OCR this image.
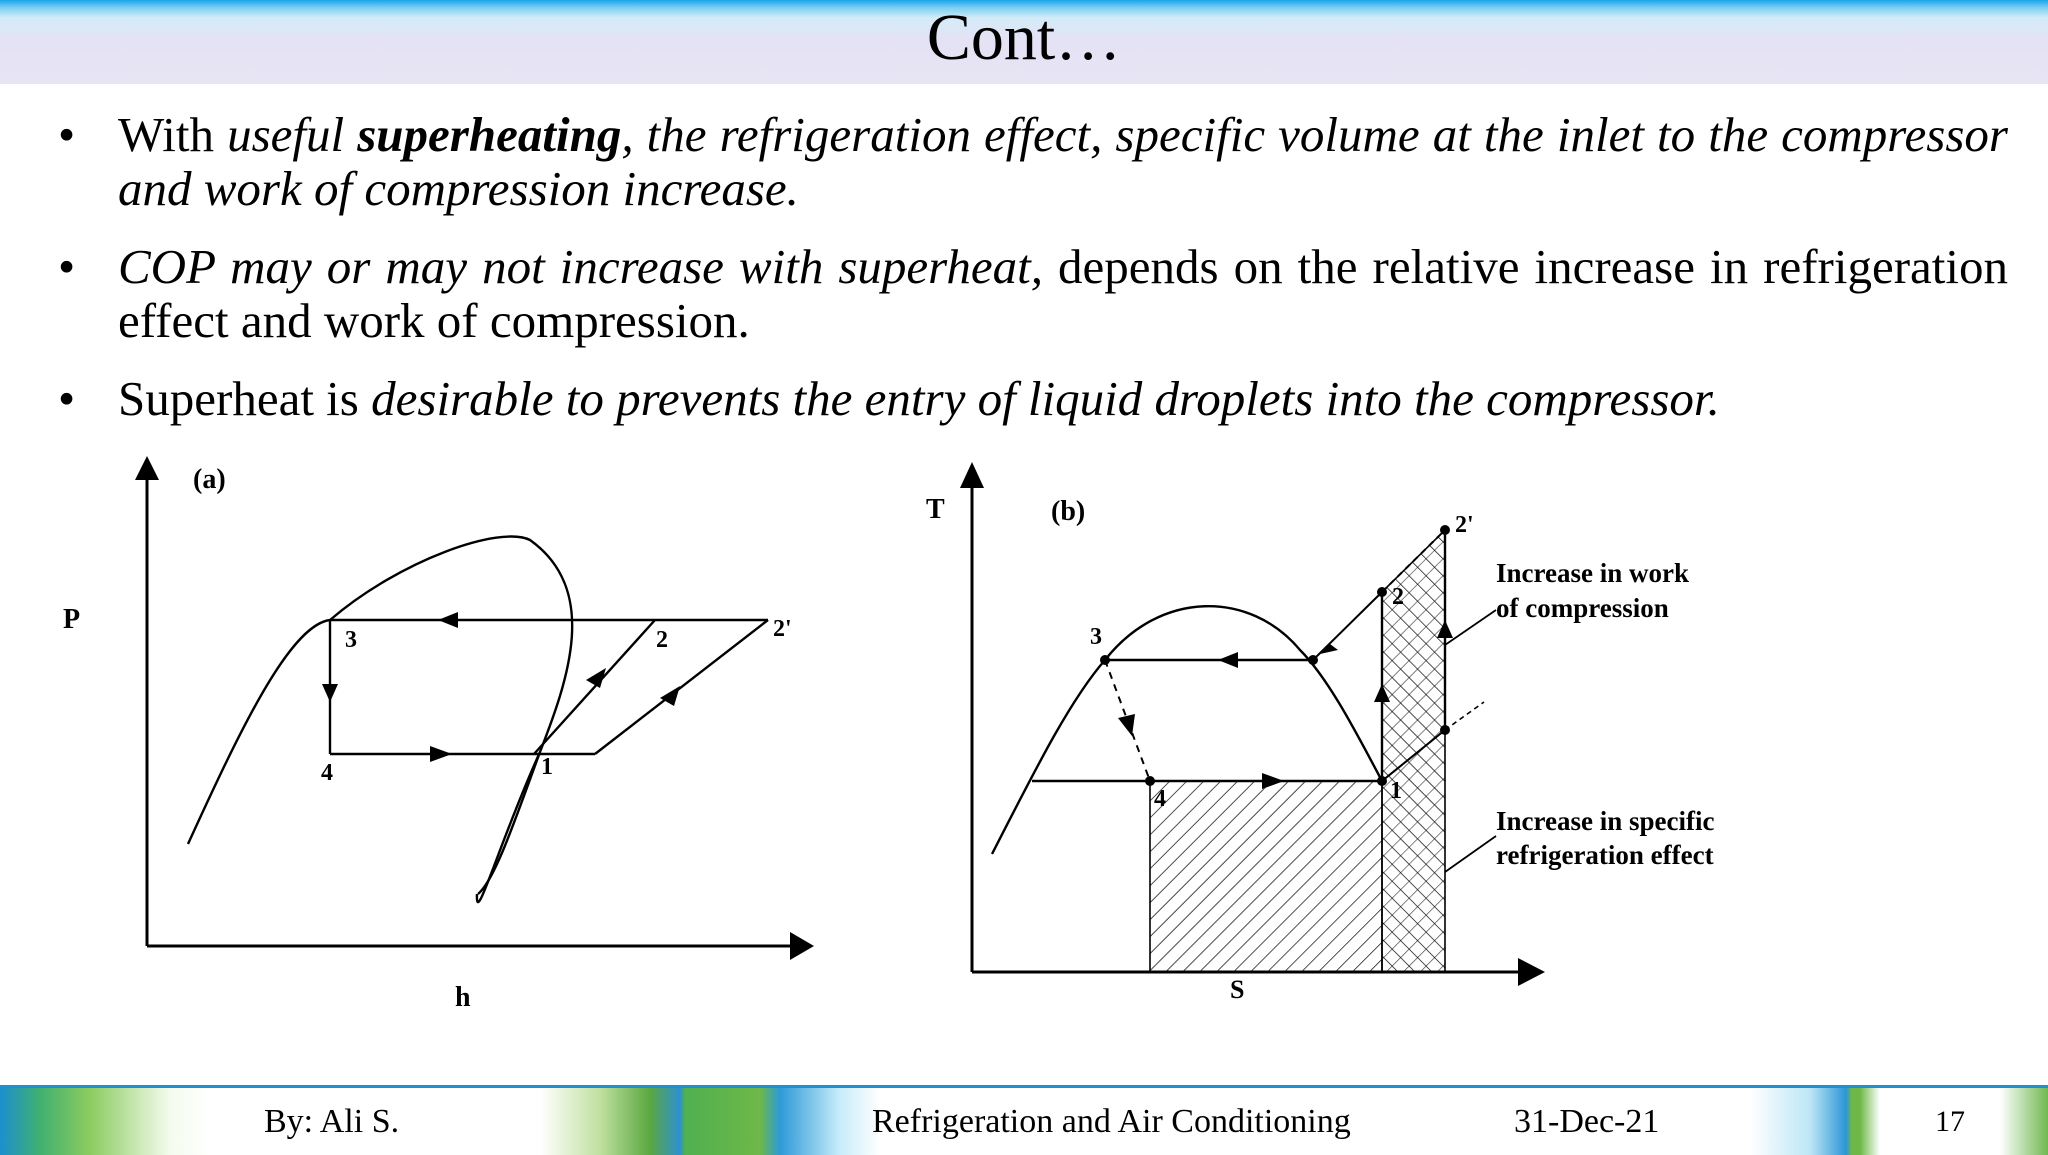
Cont…
• With useful superheating, the refrigeration effect, specific volume at the inlet to the compressor and work of compression increase.
• COP may or may not increase with superheat, depends on the relative increase in refrigeration effect and work of compression.
• Superheat is desirable to prevents the entry of liquid droplets into the compressor.
(a)
P
h
3	2	2'
4	1
(b)
T
S
3
4	1
2
2'
Increase in work
of compression
Increase in specific
refrigeration effect
By: Ali S.	Refrigeration and Air Conditioning	31-Dec-21	17
